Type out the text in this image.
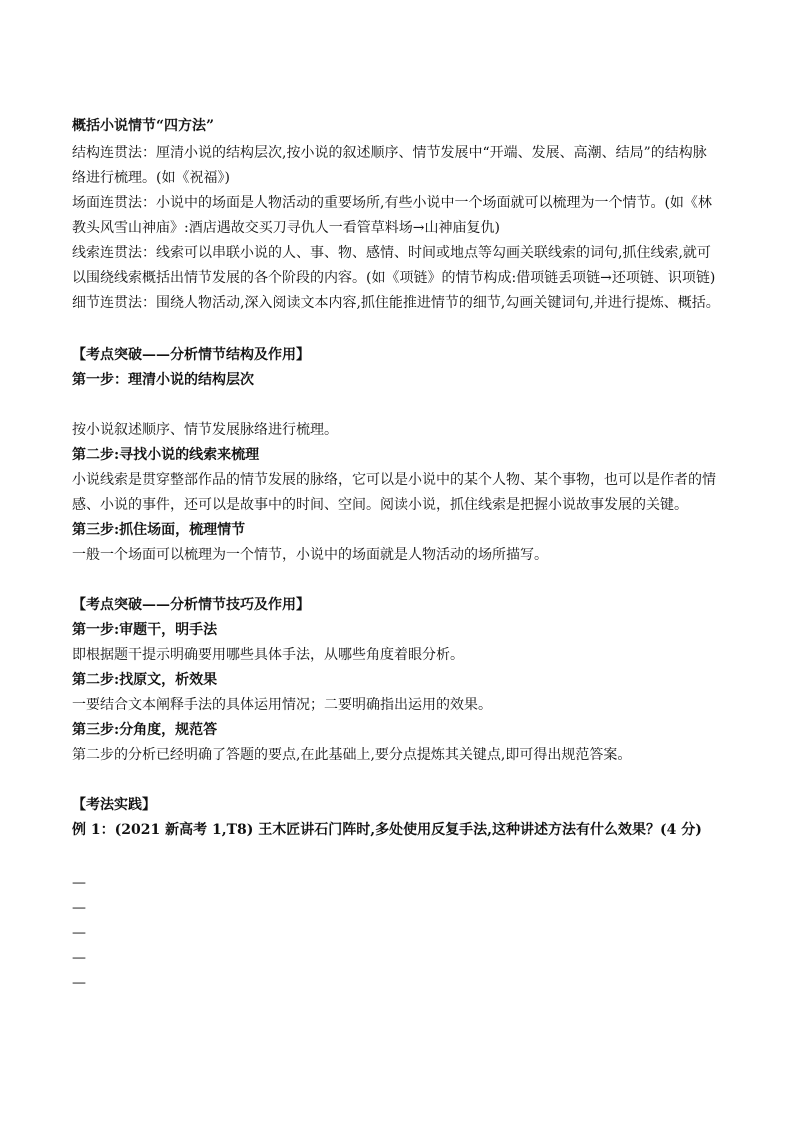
概括小说情节“四方法”
结构连贯法：厘清小说的结构层次,按小说的叙述顺序、情节发展中“开端、发展、高潮、结局”的结构脉
络进行梳理。(如《祝福》)
场面连贯法：小说中的场面是人物活动的重要场所,有些小说中一个场面就可以梳理为一个情节。(如《林
教头风雪山神庙》:酒店遇故交买刀寻仇人一看管草料场→山神庙复仇)
线索连贯法：线索可以串联小说的人、事、物、感情、时间或地点等勾画关联线索的词句,抓住线索,就可
以围绕线索概括出情节发展的各个阶段的内容。(如《项链》的情节构成:借项链丢项链→还项链、识项链)
细节连贯法：围绕人物活动,深入阅读文本内容,抓住能推进情节的细节,勾画关键词句,并进行提炼、概括。
【考点突破——分析情节结构及作用】
第一步：理清小说的结构层次
按小说叙述顺序、情节发展脉络进行梳理。
第二步:寻找小说的线索来梳理
小说线索是贯穿整部作品的情节发展的脉络，它可以是小说中的某个人物、某个事物，也可以是作者的情
感、小说的事件，还可以是故事中的时间、空间。阅读小说，抓住线索是把握小说故事发展的关键。
第三步:抓住场面，梳理情节
一般一个场面可以梳理为一个情节，小说中的场面就是人物活动的场所描写。
【考点突破——分析情节技巧及作用】
第一步:审题干，明手法
即根据题干提示明确要用哪些具体手法，从哪些角度着眼分析。
第二步:找原文，析效果
一要结合文本阐释手法的具体运用情况；二要明确指出运用的效果。
第三步:分角度，规范答
第二步的分析已经明确了答题的要点,在此基础上,要分点提炼其关键点,即可得出规范答案。
【考法实践】
例 1：(2021 新高考 1,T8) 王木匠讲石门阵时,多处使用反复手法,这种讲述方法有什么效果？(4 分)
—
—
—
—
—
